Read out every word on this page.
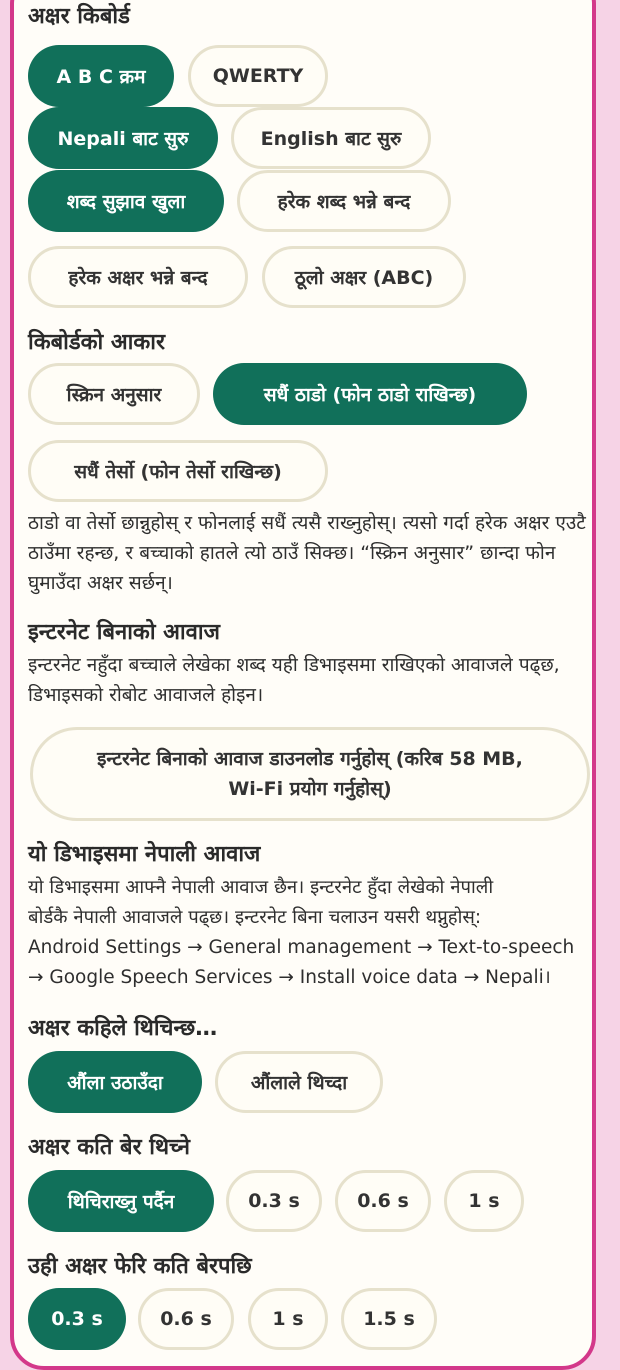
अक्षर किबोर्ड
A B C क्रम	QWERTY
Nepali बाट सुरु	English बाट सुरु
शब्द सुझाव खुला	हरेक शब्द भन्ने बन्द
हरेक अक्षर भन्ने बन्द	ठूलो अक्षर (ABC)
किबोर्डको आकार
स्क्रिन अनुसार	सधैं ठाडो (फोन ठाडो राखिन्छ)
सधैं तेर्सो (फोन तेर्सो राखिन्छ)
ठाडो वा तेर्सो छान्नुहोस् र फोनलाई सधैं त्यसै राख्नुहोस्। त्यसो गर्दा हरेक अक्षर एउटै ठाउँमा रहन्छ, र बच्चाको हातले त्यो ठाउँ सिक्छ। “स्क्रिन अनुसार” छान्दा फोन घुमाउँदा अक्षर सर्छन्।
इन्टरनेट बिनाको आवाज
इन्टरनेट नहुँदा बच्चाले लेखेका शब्द यही डिभाइसमा राखिएको आवाजले पढ्छ, डिभाइसको रोबोट आवाजले होइन।
इन्टरनेट बिनाको आवाज डाउनलोड गर्नुहोस् (करिब 58 MB,
Wi-Fi प्रयोग गर्नुहोस्)
यो डिभाइसमा नेपाली आवाज
यो डिभाइसमा आफ्नै नेपाली आवाज छैन। इन्टरनेट हुँदा लेखेको नेपाली
बोर्डकै नेपाली आवाजले पढ्छ। इन्टरनेट बिना चलाउन यसरी थप्नुहोस्:
Android Settings → General management → Text-to-speech
→ Google Speech Services → Install voice data → Nepali।
अक्षर कहिले थिचिन्छ…
औंला उठाउँदा	औंलाले थिच्दा
अक्षर कति बेर थिच्ने
थिचिराख्नु पर्दैन	0.3 s	0.6 s	1 s
उही अक्षर फेरि कति बेरपछि
0.3 s	0.6 s	1 s	1.5 s
